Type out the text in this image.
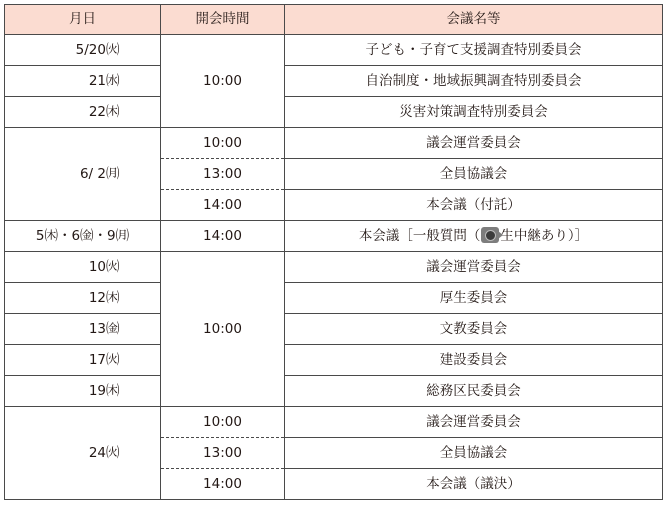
月日	開会時間	会議名等
5/20㈫	10:00	子ども・子育て支援調査特別委員会
21㈬		自治制度・地域振興調査特別委員会
22㈭		災害対策調査特別委員会
6/ 2㈪	10:00	議会運営委員会
	13:00	全員協議会
	14:00	本会議（付託）
5㈭・6㈮・9㈪	14:00	本会議［一般質問（ 生中継あり）］
10㈫	10:00	議会運営委員会
12㈭		厚生委員会
13㈮		文教委員会
17㈫		建設委員会
19㈭		総務区民委員会
24㈫	10:00	議会運営委員会
	13:00	全員協議会
	14:00	本会議（議決）
